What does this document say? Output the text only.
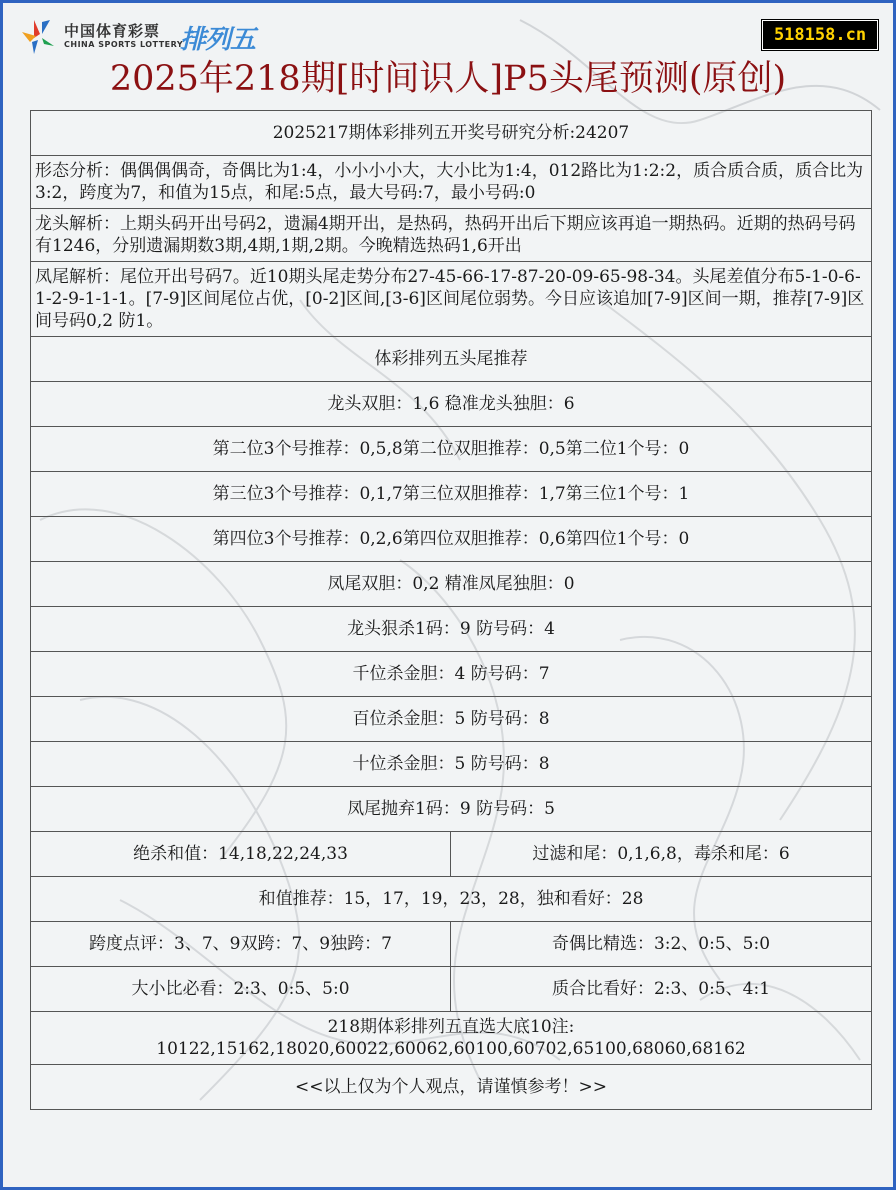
中国体育彩票
CHINA SPORTS LOTTERY
排列五	518158.cn
2025年218期[时间识人]P5头尾预测(原创)
2025217期体彩排列五开奖号研究分析:24207	
形态分析：偶偶偶偶奇，奇偶比为1:4，小小小小大，大小比为1:4，012路比为1:2:2，质合质合质，质合比为3:2，跨度为7，和值为15点，和尾:5点，最大号码:7，最小号码:0	
龙头解析：上期头码开出号码2，遗漏4期开出，是热码，热码开出后下期应该再追一期热码。近期的热码号码有1246，分别遗漏期数3期,4期,1期,2期。今晚精选热码1,6开出	
凤尾解析：尾位开出号码7。近10期头尾走势分布27-45-66-17-87-20-09-65-98-34。头尾差值分布5-1-0-6-1-2-9-1-1-1。[7-9]区间尾位占优，[0-2]区间,[3-6]区间尾位弱势。今日应该追加[7-9]区间一期，推荐[7-9]区间号码0,2 防1。	
体彩排列五头尾推荐	
龙头双胆：1,6 稳准龙头独胆：6	
第二位3个号推荐：0,5,8第二位双胆推荐：0,5第二位1个号：0	
第三位3个号推荐：0,1,7第三位双胆推荐：1,7第三位1个号：1	
第四位3个号推荐：0,2,6第四位双胆推荐：0,6第四位1个号：0	
凤尾双胆：0,2 精准凤尾独胆：0	
龙头狠杀1码：9 防号码：4	
千位杀金胆：4 防号码：7	
百位杀金胆：5 防号码：8	
十位杀金胆：5 防号码：8	
凤尾抛弃1码：9 防号码：5	
绝杀和值：14,18,22,24,33	过滤和尾：0,1,6,8，毒杀和尾：6
和值推荐：15，17，19，23，28，独和看好：28	
跨度点评：3、7、9双跨：7、9独跨：7	奇偶比精选：3:2、0:5、5:0
大小比必看：2:3、0:5、5:0	质合比看好：2:3、0:5、4:1

218期体彩排列五直选大底10注:
10122,15162,18020,60022,60062,60100,60702,65100,68060,68162	

<<以上仅为个人观点，请谨慎参考！>>	
